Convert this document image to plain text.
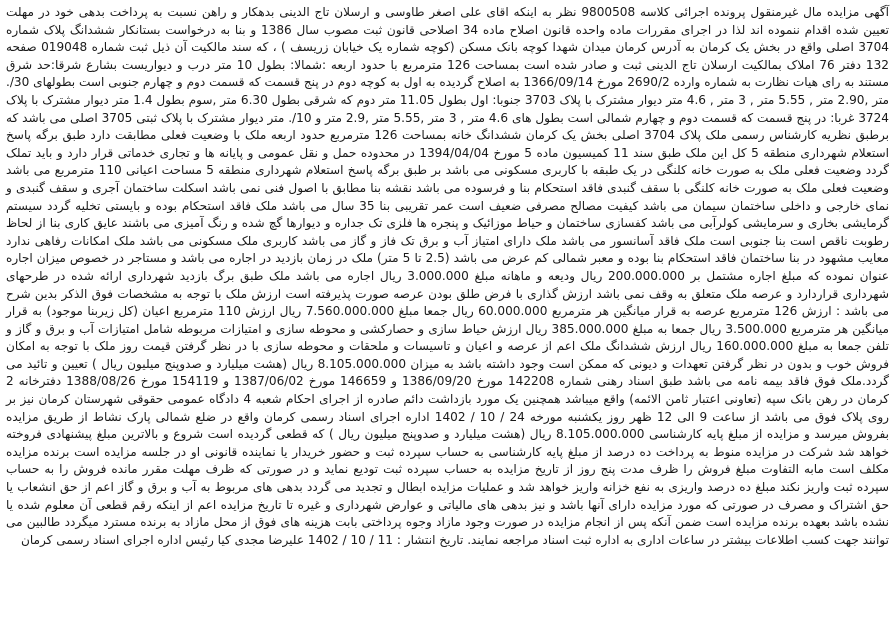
آگهی مزایده مال غیرمنقول پرونده اجرائی کلاسه 9800508 نظر به اینکه اقای علی اصغر طاوسی و ارسلان تاج الدینی بدهکار و راهن نسبت به پرداخت بدهی خود در مهلت تعیین شده اقدام ننموده اند لذا در اجرای مقررات ماده واحده قانون اصلاح ماده 34 اصلاحی قانون ثبت مصوب سال 1386 و بنا به درخواست بستانکار ششدانگ پلاک شماره 3704 اصلی واقع در بخش یک کرمان به آدرس کرمان میدان شهدا کوچه بانک مسکن (کوچه شماره یک خیابان زریسف ) ، که سند مالکیت آن ذیل ثبت شماره 019048 صفحه 132 دفتر 76 املاک بمالکیت ارسلان تاج الدینی ثبت و صادر شده است بمساحت 126 مترمربع با حدود اربعه :شمالا: بطول 10 متر درب و دیواریست بشارع شرقا:حد شرق مستند به رای هیات نظارت به شماره وارده 2690/2 مورخ 1366/09/14 به اصلاح گردیده به اول به کوچه دوم در پنج قسمت که قسمت دوم و چهارم جنوبی است بطولهای 30/. متر ,2.90 متر , 5.55 متر , 3 متر , 4.6 متر دیوار مشترک با پلاک 3703 جنوبا: اول بطول 11.05 متر دوم که شرقی بطول 6.30 متر ,سوم بطول 1.4 متر دیوار مشترک با پلاک 3724 غربا: در پنج قسمت که قسمت دوم و چهارم شمالی است بطول های 4.6 متر , 3 متر ,5.55 متر ,2.9 متر و 10/. متر دیوار مشترک با پلاک ثبتی 3705 اصلی می باشد که برطبق نظریه کارشناس رسمی ملک پلاک 3704 اصلی بخش یک کرمان ششدانگ خانه بمساحت 126 مترمربع حدود اربعه ملک با وضعیت فعلی مطابقت دارد طبق برگه پاسخ استعلام شهرداری منطقه 5 کل این ملک طبق سند 11 کمیسیون ماده 5 مورخ 1394/04/04 در محدوده حمل و نقل عمومی و پایانه ها و تجاری خدماتی قرار دارد و باید تملک گردد وضعیت فعلی ملک به صورت خانه کلنگی در یک طبقه با کاربری مسکونی می باشد بر طبق برگه پاسخ استعلام شهرداری منطقه 5 مساحت اعیانی 110 مترمربع می باشد وضعیت فعلی ملک به صورت خانه کلنگی با سقف گنبدی فاقد استحکام بنا و فرسوده می باشد نقشه بنا مطابق با اصول فنی نمی باشد اسکلت ساختمان آجری و سقف گنبدی و نمای خارجی و داخلی ساختمان سیمان می باشد کیفیت مصالح مصرفی ضعیف است عمر تقریبی بنا 35 سال می باشد ملک فاقد استحکام بوده و بایستی تخلیه گردد سیستم گرمایشی بخاری و سرمایشی کولرآبی می باشد کفسازی ساختمان و حیاط موزائیک و پنجره ها فلزی تک جداره و دیوارها گچ شده و رنگ آمیزی می باشند عایق کاری بنا از لحاظ رطوبت ناقص است بنا جنوبی است ملک فاقد آسانسور می باشد ملک دارای امتیاز آب و برق تک فاز و گاز می باشد کاربری ملک مسکونی می باشد ملک امکانات رفاهی ندارد معایب مشهود در بنا ساختمان فاقد استحکام بنا بوده و معبر شمالی کم عرض می باشد (2.5 تا 5 متر) ملک در زمان بازدید در اجاره می باشد و مستاجر در خصوص میزان اجاره عنوان نموده که مبلغ اجاره مشتمل بر 200.000.000 ریال ودیعه و ماهانه مبلغ 3.000.000 ریال اجاره می باشد ملک طبق برگ بازدید شهرداری ارائه شده در طرحهای شهرداری قراردارد و عرصه ملک متعلق به وقف نمی باشد ارزش گذاری با فرض طلق بودن عرصه صورت پذیرفته است ارزش ملک با توجه به مشخصات فوق الذکر بدین شرح می باشد : ارزش 126 مترمربع عرصه به قرار میانگین هر مترمربع 60.000.000 ریال جمعا مبلغ 7.560.000.000 ریال ارزش 110 مترمربع اعیان (کل زیربنا موجود) به قرار میانگین هر مترمربع 3.500.000 ریال جمعا به مبلغ 385.000.000 ریال ارزش حیاط سازی و حصارکشی و محوطه سازی و امتیازات مربوطه شامل امتیازات آب و برق و گاز و تلفن جمعا به مبلغ 160.000.000 ریال ارزش ششدانگ ملک اعم از عرصه و اعیان و تاسیسات و ملحقات و محوطه سازی با در نظر گرفتن قیمت روز ملک با توجه به امکان فروش خوب و بدون در نظر گرفتن تعهدات و دیونی که ممکن است وجود داشته باشد به میزان 8.105.000.000 ریال (هشت میلیارد و صدوپنج میلیون ریال ) تعیین و تائید می گردد.ملک فوق فاقد بیمه نامه می باشد طبق اسناد رهنی شماره 142208 مورخ 1386/09/20 و 146659 مورخ 1387/06/02 و 154119 مورخ 1388/08/26 دفترخانه 2 کرمان در رهن بانک سپه (تعاونی اعتبار ثامن الائمه) واقع میباشد همچنین یک مورد بازداشت دائم صادره از اجرای احکام شعبه 4 دادگاه عمومی حقوقی شهرستان کرمان نیز بر روی پلاک فوق می باشد از ساعت 9 الی 12 ظهر روز یکشنبه مورخه 24 / 10 / 1402 اداره اجرای اسناد رسمی کرمان واقع در ضلع شمالی پارک نشاط از طریق مزایده بفروش میرسد و مزایده از مبلغ پایه کارشناسی 8.105.000.000 ریال (هشت میلیارد و صدوپنج میلیون ریال ) که قطعی گردیده است شروع و بالاترین مبلغ پیشنهادی فروخته خواهد شد شرکت در مزایده منوط به پرداخت ده درصد از مبلغ پایه کارشناسی به حساب سپرده ثبت و حضور خریدار یا نماینده قانونی او در جلسه مزایده است برنده مزایده مکلف است مابه التفاوت مبلغ فروش را ظرف مدت پنج روز از تاریخ مزایده به حساب سپرده ثبت تودیع نماید و در صورتی که ظرف مهلت مقرر مانده فروش را به حساب سپرده ثبت واریز نکند مبلغ ده درصد واریزی به نفع خزانه واریز خواهد شد و عملیات مزایده ابطال و تجدید می گردد بدهی های مربوط به آب و برق و گاز اعم از حق انشعاب یا حق اشتراک و مصرف در صورتی که مورد مزایده دارای آنها باشد و نیز بدهی های مالیاتی و عوارض شهرداری و غیره تا تاریخ مزایده اعم از اینکه رقم قطعی آن معلوم شده یا نشده باشد بعهده برنده مزایده است ضمن آنکه پس از انجام مزایده در صورت وجود مازاد وجوه پرداختی بابت هزینه های فوق از محل مازاد به برنده مسترد میگردد طالبین می توانند جهت کسب اطلاعات بیشتر در ساعات اداری به اداره ثبت اسناد مراجعه نمایند. تاریخ انتشار : 11 / 10 / 1402 علیرضا مجدی کیا رئیس اداره اجرای اسناد رسمی کرمان
